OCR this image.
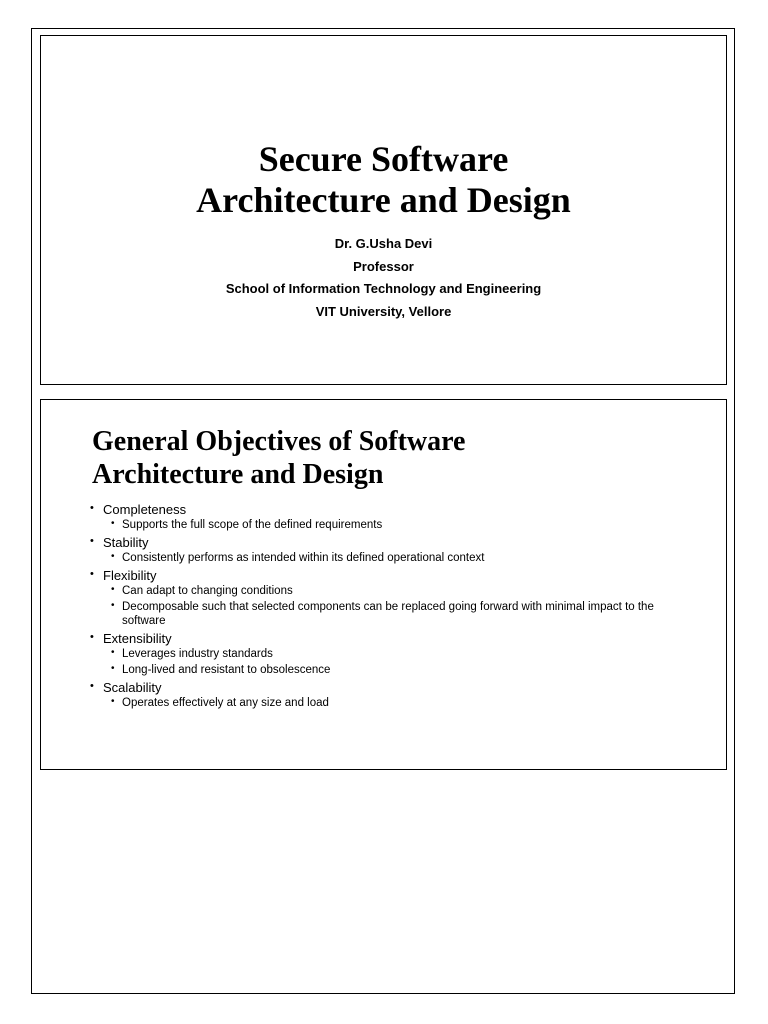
Secure Software
Architecture and Design
Dr. G.Usha Devi
Professor
School of Information Technology and Engineering
VIT University, Vellore
General Objectives of Software
Architecture and Design
• Completeness
• Supports the full scope of the defined requirements
• Stability
• Consistently performs as intended within its defined operational context
• Flexibility
• Can adapt to changing conditions
• Decomposable such that selected components can be replaced going forward with minimal impact to the software
• Extensibility
• Leverages industry standards
• Long-lived and resistant to obsolescence
• Scalability
• Operates effectively at any size and load
